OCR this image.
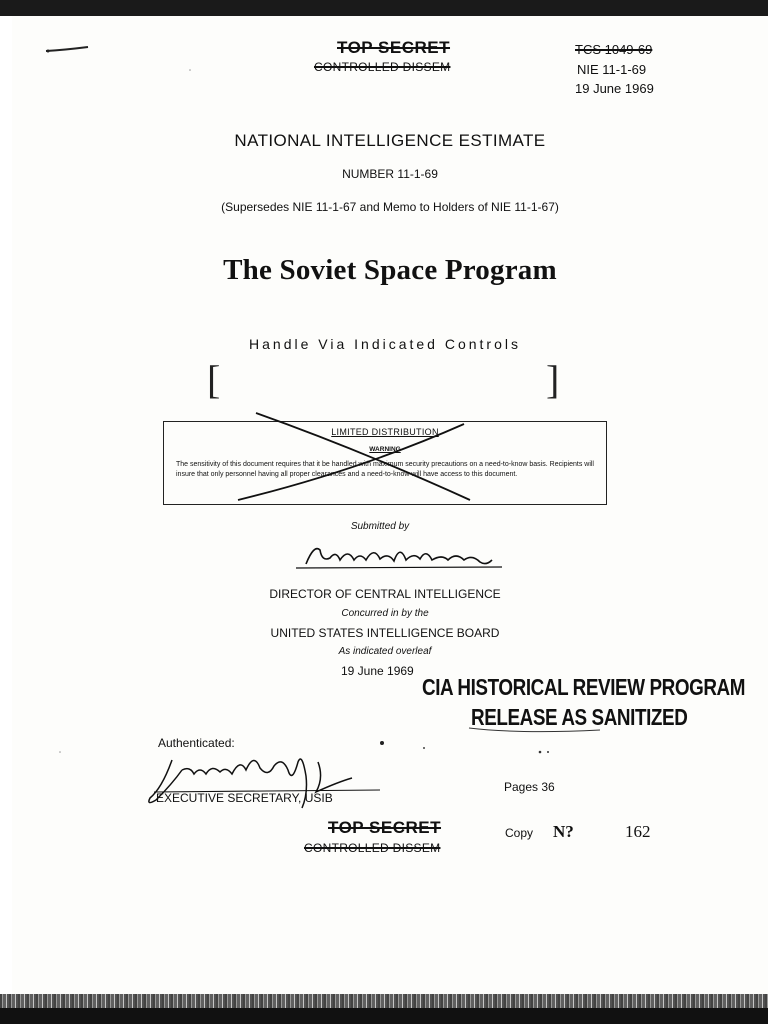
TOP SECRET
CONTROLLED DISSEM
TCS 1049-69
NIE 11-1-69
19 June 1969
NATIONAL INTELLIGENCE ESTIMATE
NUMBER 11-1-69
(Supersedes NIE 11-1-67 and Memo to Holders of NIE 11-1-67)
The Soviet Space Program
Handle Via Indicated Controls
[	]
LIMITED DISTRIBUTION
WARNING
The sensitivity of this document requires that it be handled with maximum security precautions on a need-to-know basis. Recipients will insure that only personnel having all proper clearances and a need-to-know will have access to this document.
Submitted by
DIRECTOR OF CENTRAL INTELLIGENCE
Concurred in by the
UNITED STATES INTELLIGENCE BOARD
As indicated overleaf
19 June 1969
CIA HISTORICAL REVIEW PROGRAM
RELEASE AS SANITIZED
Authenticated:
EXECUTIVE SECRETARY, USIB
Pages 36
TOP SECRET
CONTROLLED DISSEM
Copy N?	162
